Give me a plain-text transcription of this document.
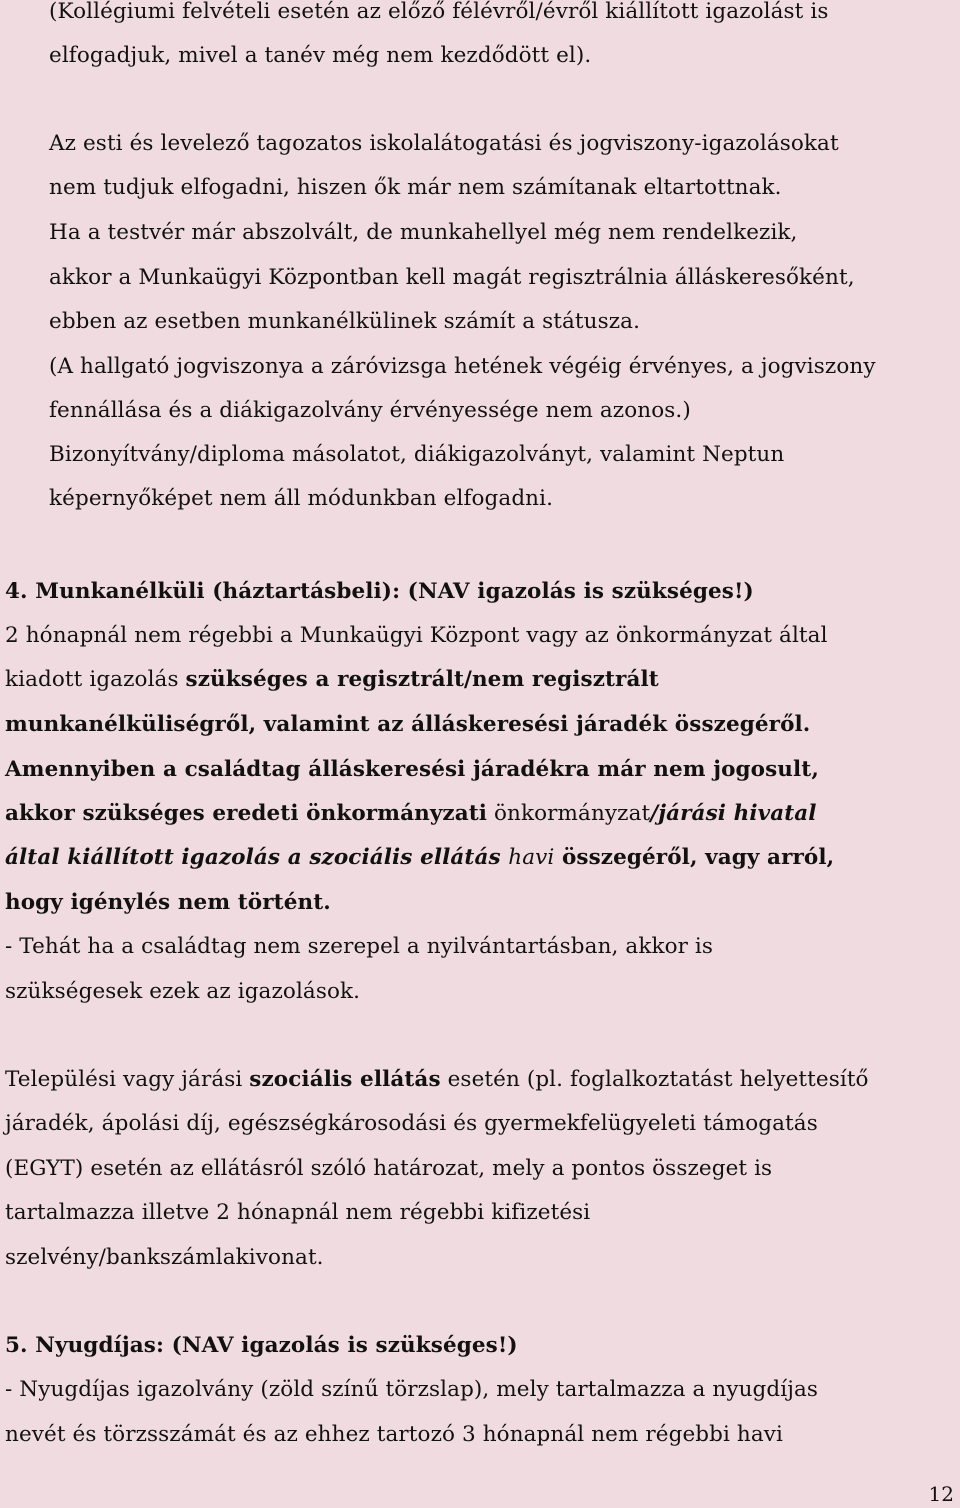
(Kollégiumi felvételi esetén az előző félévről/évről kiállított igazolást is
elfogadjuk, mivel a tanév még nem kezdődött el).
Az esti és levelező tagozatos iskolalátogatási és jogviszony-igazolásokat
nem tudjuk elfogadni, hiszen ők már nem számítanak eltartottnak.
Ha a testvér már abszolvált, de munkahellyel még nem rendelkezik,
akkor a Munkaügyi Központban kell magát regisztrálnia álláskeresőként,
ebben az esetben munkanélkülinek számít a státusza.
(A hallgató jogviszonya a záróvizsga hetének végéig érvényes, a jogviszony
fennállása és a diákigazolvány érvényessége nem azonos.)
Bizonyítvány/diploma másolatot, diákigazolványt, valamint Neptun
képernyőképet nem áll módunkban elfogadni.
4. Munkanélküli (háztartásbeli): (NAV igazolás is szükséges!)
2 hónapnál nem régebbi a Munkaügyi Központ vagy az önkormányzat által
kiadott igazolás szükséges a regisztrált/nem regisztrált
munkanélküliségről, valamint az álláskeresési járadék összegéről.
Amennyiben a családtag álláskeresési járadékra már nem jogosult,
akkor szükséges eredeti önkormányzati önkormányzat/járási hivatal
által kiállított igazolás a szociális ellátás havi összegéről, vagy arról,
hogy igénylés nem történt.
- Tehát ha a családtag nem szerepel a nyilvántartásban, akkor is
szükségesek ezek az igazolások.
Települési vagy járási szociális ellátás esetén (pl. foglalkoztatást helyettesítő
járadék, ápolási díj, egészségkárosodási és gyermekfelügyeleti támogatás
(EGYT) esetén az ellátásról szóló határozat, mely a pontos összeget is
tartalmazza illetve 2 hónapnál nem régebbi kifizetési
szelvény/bankszámlakivonat.
5. Nyugdíjas: (NAV igazolás is szükséges!)
- Nyugdíjas igazolvány (zöld színű törzslap), mely tartalmazza a nyugdíjas
nevét és törzsszámát és az ehhez tartozó 3 hónapnál nem régebbi havi
12
